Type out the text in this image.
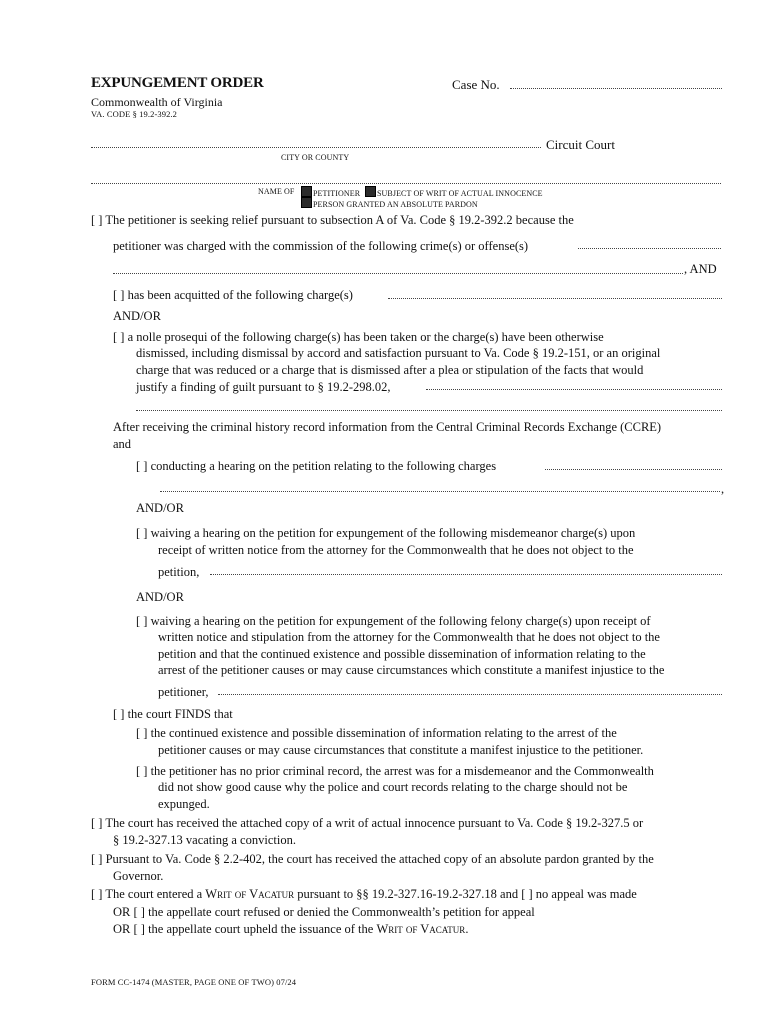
EXPUNGEMENT ORDER	Case No.
Commonwealth of Virginia
VA. CODE § 19.2-392.2
Circuit Court
CITY OR COUNTY
NAME OF	PETITIONER	SUBJECT OF WRIT OF ACTUAL INNOCENCE
PERSON GRANTED AN ABSOLUTE PARDON
[ ] The petitioner is seeking relief pursuant to subsection A of Va. Code § 19.2-392.2 because the
petitioner was charged with the commission of the following crime(s) or offense(s)
, AND
[ ] has been acquitted of the following charge(s)
AND/OR
[ ] a nolle prosequi of the following charge(s) has been taken or the charge(s) have been otherwise
dismissed, including dismissal by accord and satisfaction pursuant to Va. Code § 19.2-151, or an original
charge that was reduced or a charge that is dismissed after a plea or stipulation of the facts that would
justify a finding of guilt pursuant to § 19.2-298.02,
After receiving the criminal history record information from the Central Criminal Records Exchange (CCRE)
and
[ ] conducting a hearing on the petition relating to the following charges
,
AND/OR
[ ] waiving a hearing on the petition for expungement of the following misdemeanor charge(s) upon
receipt of written notice from the attorney for the Commonwealth that he does not object to the
petition,
AND/OR
[ ] waiving a hearing on the petition for expungement of the following felony charge(s) upon receipt of
written notice and stipulation from the attorney for the Commonwealth that he does not object to the
petition and that the continued existence and possible dissemination of information relating to the
arrest of the petitioner causes or may cause circumstances which constitute a manifest injustice to the
petitioner,
[ ] the court FINDS that
[ ] the continued existence and possible dissemination of information relating to the arrest of the
petitioner causes or may cause circumstances that constitute a manifest injustice to the petitioner.
[ ] the petitioner has no prior criminal record, the arrest was for a misdemeanor and the Commonwealth
did not show good cause why the police and court records relating to the charge should not be
expunged.
[ ] The court has received the attached copy of a writ of actual innocence pursuant to Va. Code § 19.2-327.5 or
§ 19.2-327.13 vacating a conviction.
[ ] Pursuant to Va. Code § 2.2-402, the court has received the attached copy of an absolute pardon granted by the
Governor.
[ ] The court entered a Writ of Vacatur pursuant to §§ 19.2-327.16-19.2-327.18 and [ ] no appeal was made
OR [ ] the appellate court refused or denied the Commonwealth’s petition for appeal
OR [ ] the appellate court upheld the issuance of the Writ of Vacatur.
FORM CC-1474 (MASTER, PAGE ONE OF TWO) 07/24
